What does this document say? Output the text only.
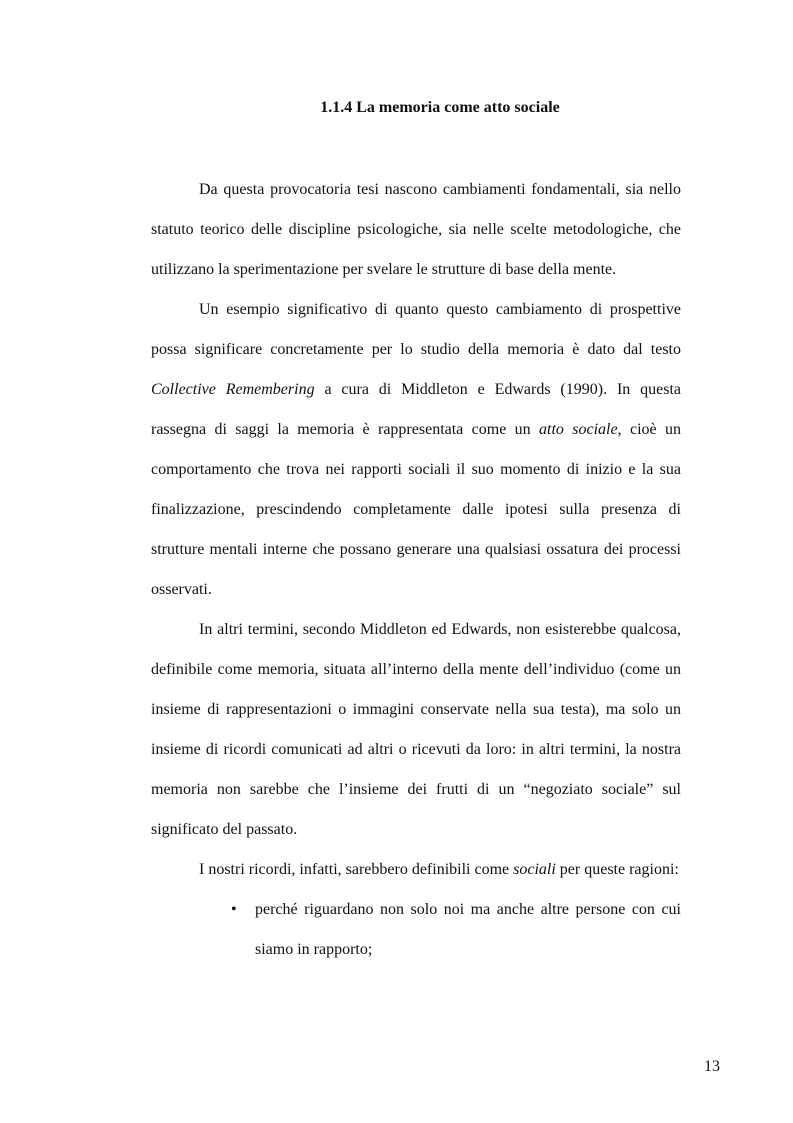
1.1.4 La memoria come atto sociale

Da questa provocatoria tesi nascono cambiamenti fondamentali, sia nello statuto teorico delle discipline psicologiche, sia nelle scelte metodologiche, che utilizzano la sperimentazione per svelare le strutture di base della mente.

Un esempio significativo di quanto questo cambiamento di prospettive possa significare concretamente per lo studio della memoria è dato dal testo Collective Remembering a cura di Middleton e Edwards (1990). In questa rassegna di saggi la memoria è rappresentata come un atto sociale, cioè un comportamento che trova nei rapporti sociali il suo momento di inizio e la sua finalizzazione, prescindendo completamente dalle ipotesi sulla presenza di strutture mentali interne che possano generare una qualsiasi ossatura dei processi osservati.

In altri termini, secondo Middleton ed Edwards, non esisterebbe qualcosa, definibile come memoria, situata all’interno della mente dell’individuo (come un insieme di rappresentazioni o immagini conservate nella sua testa), ma solo un insieme di ricordi comunicati ad altri o ricevuti da loro: in altri termini, la nostra memoria non sarebbe che l’insieme dei frutti di un “negoziato sociale” sul significato del passato.

I nostri ricordi, infatti, sarebbero definibili come sociali per queste ragioni:

• perché riguardano non solo noi ma anche altre persone con cui siamo in rapporto;
13
